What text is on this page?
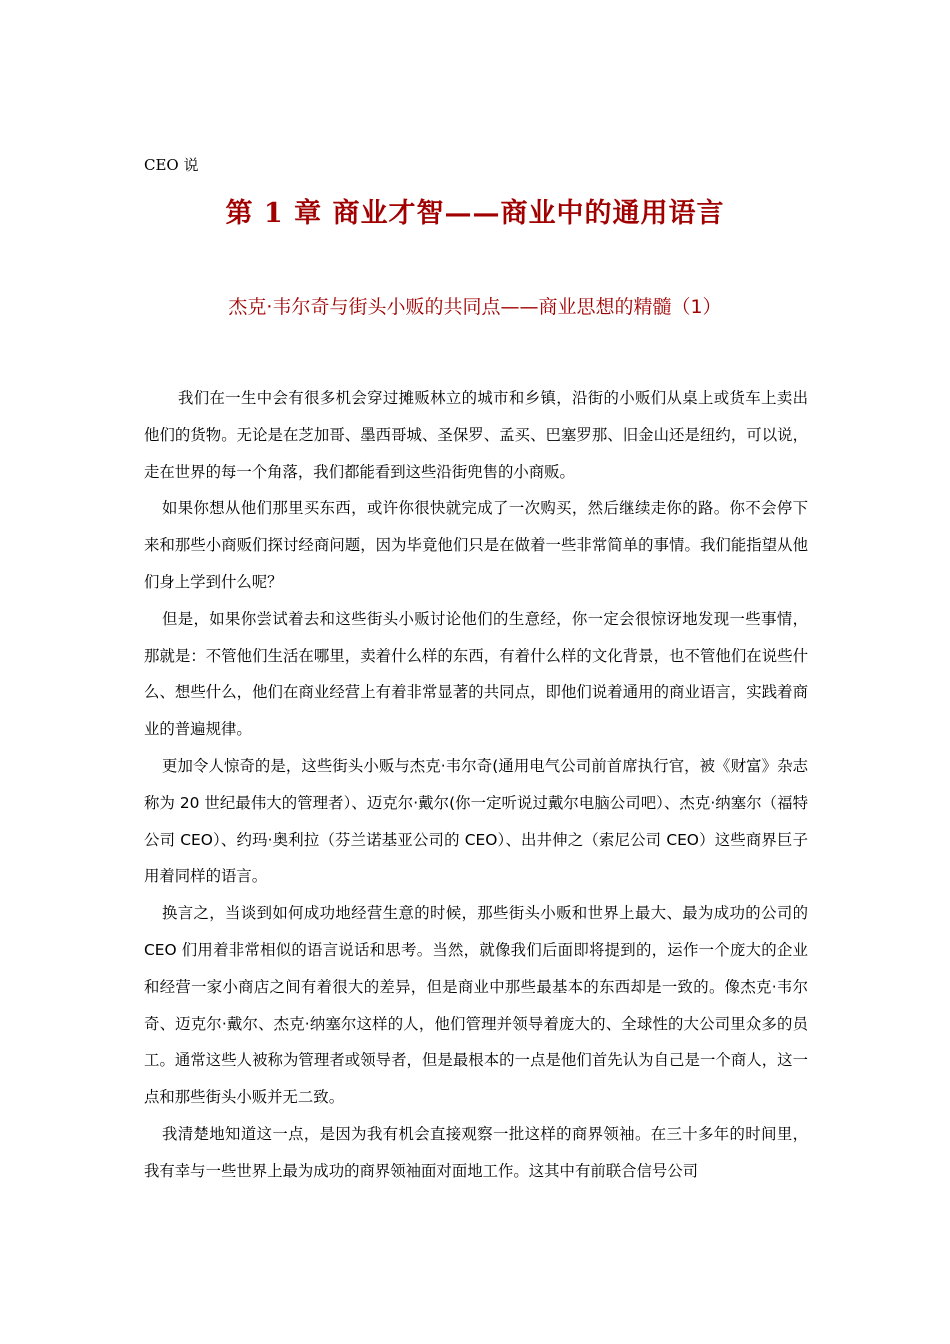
CEO 说
第 1 章 商业才智——商业中的通用语言
杰克·韦尔奇与街头小贩的共同点——商业思想的精髓（1）

我们在一生中会有很多机会穿过摊贩林立的城市和乡镇，沿街的小贩们从桌上或货车上卖出他们的货物。无论是在芝加哥、墨西哥城、圣保罗、孟买、巴塞罗那、旧金山还是纽约，可以说，走在世界的每一个角落，我们都能看到这些沿街兜售的小商贩。

如果你想从他们那里买东西，或许你很快就完成了一次购买，然后继续走你的路。你不会停下来和那些小商贩们探讨经商问题，因为毕竟他们只是在做着一些非常简单的事情。我们能指望从他们身上学到什么呢？

但是，如果你尝试着去和这些街头小贩讨论他们的生意经，你一定会很惊讶地发现一些事情，那就是：不管他们生活在哪里，卖着什么样的东西，有着什么样的文化背景，也不管他们在说些什么、想些什么，他们在商业经营上有着非常显著的共同点，即他们说着通用的商业语言，实践着商业的普遍规律。

更加令人惊奇的是，这些街头小贩与杰克·韦尔奇(通用电气公司前首席执行官，被《财富》杂志称为 20 世纪最伟大的管理者）、迈克尔·戴尔(你一定听说过戴尔电脑公司吧）、杰克·纳塞尔（福特公司 CEO）、约玛·奥利拉（芬兰诺基亚公司的 CEO）、出井伸之（索尼公司 CEO）这些商界巨子用着同样的语言。

换言之，当谈到如何成功地经营生意的时候，那些街头小贩和世界上最大、最为成功的公司的 CEO 们用着非常相似的语言说话和思考。当然，就像我们后面即将提到的，运作一个庞大的企业和经营一家小商店之间有着很大的差异，但是商业中那些最基本的东西却是一致的。像杰克·韦尔奇、迈克尔·戴尔、杰克·纳塞尔这样的人，他们管理并领导着庞大的、全球性的大公司里众多的员工。通常这些人被称为管理者或领导者，但是最根本的一点是他们首先认为自己是一个商人，这一点和那些街头小贩并无二致。

我清楚地知道这一点，是因为我有机会直接观察一批这样的商界领袖。在三十多年的时间里，我有幸与一些世界上最为成功的商界领袖面对面地工作。这其中有前联合信号公司
